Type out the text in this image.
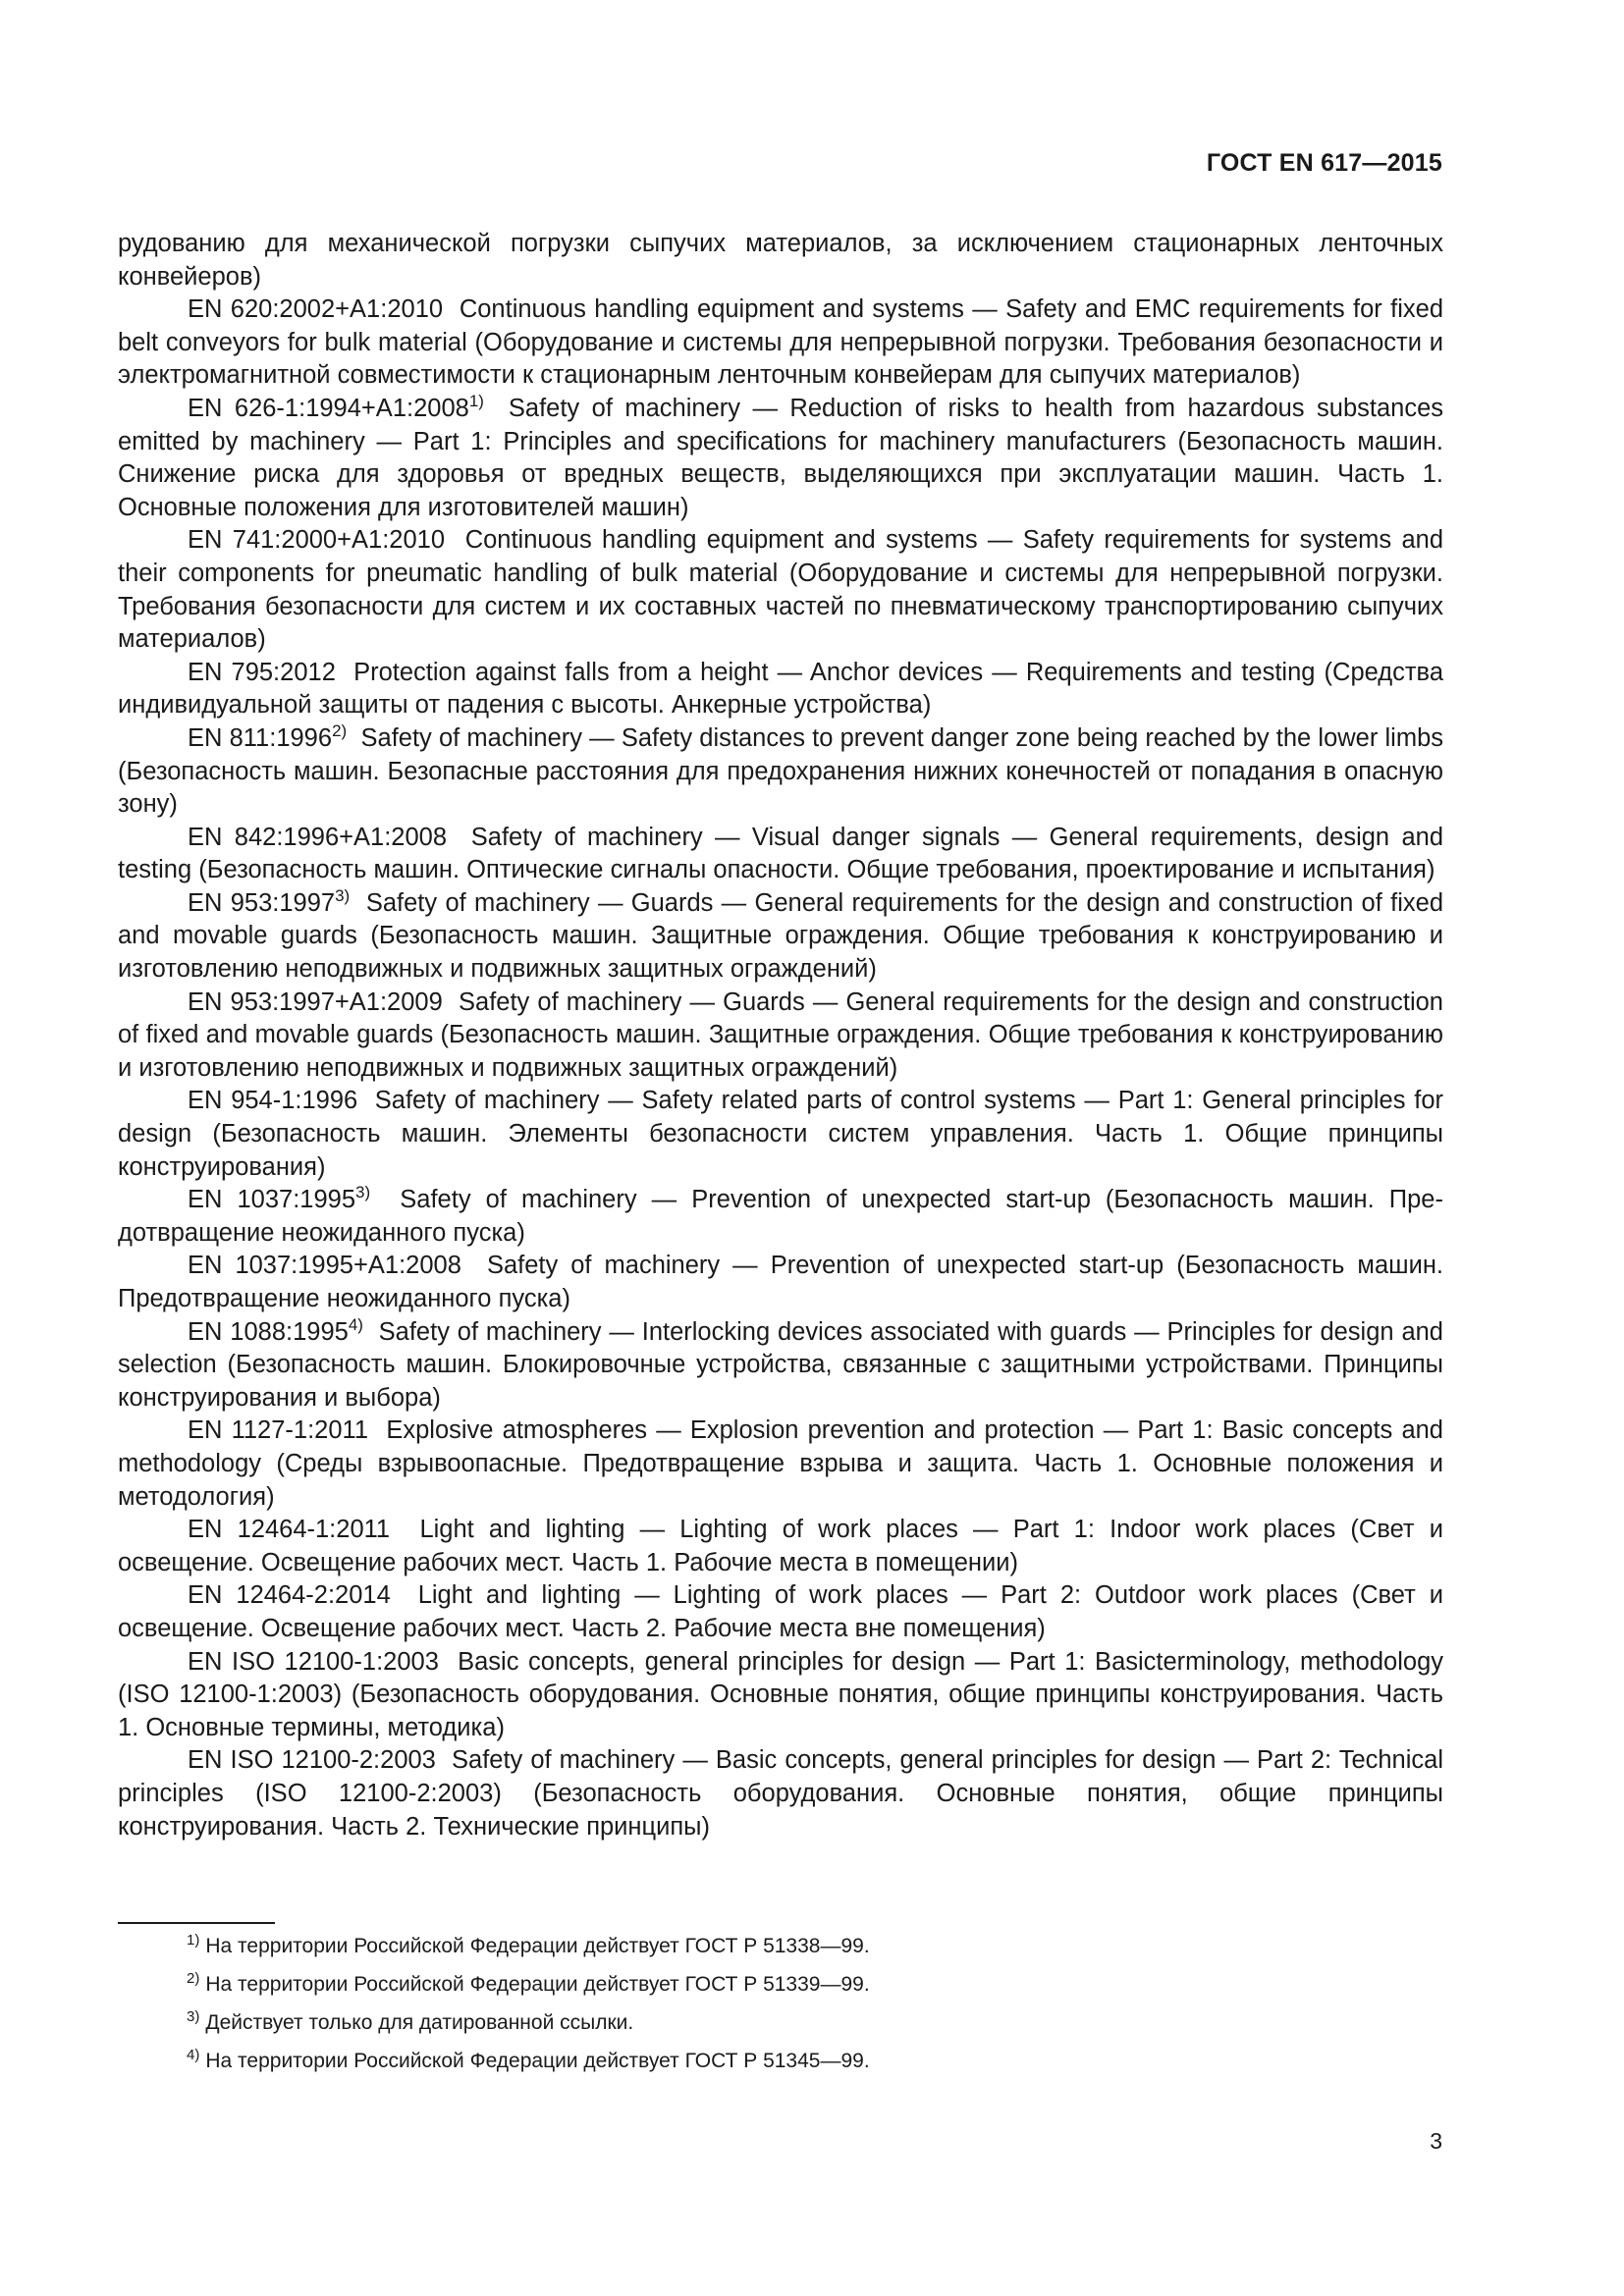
ГОСТ EN 617—2015

рудованию для механической погрузки сыпучих материалов, за исключением стационарных ленточных конвейеров)

EN 620:2002+A1:2010 Continuous handling equipment and systems — Safety and EMC requirements for fixed belt conveyors for bulk material (Оборудование и системы для непрерывной погрузки. Требования безопасности и электромагнитной совместимости к стационарным ленточным конвейерам для сыпучих материалов)

EN 626-1:1994+A1:2008$^{1)}$ Safety of machinery — Reduction of risks to health from hazardous substances emitted by machinery — Part 1: Principles and specifications for machinery manufacturers (Безопасность машин. Снижение риска для здоровья от вредных веществ, выделяющихся при эксплуатации машин. Часть 1. Основные положения для изготовителей машин)

EN 741:2000+A1:2010 Continuous handling equipment and systems — Safety requirements for systems and their components for pneumatic handling of bulk material (Оборудование и системы для непрерывной погрузки. Требования безопасности для систем и их составных частей по пневматическому транспортированию сыпучих материалов)

EN 795:2012 Protection against falls from a height — Anchor devices — Requirements and testing (Средства индивидуальной защиты от падения с высоты. Анкерные устройства)

EN 811:1996$^{2)}$ Safety of machinery — Safety distances to prevent danger zone being reached by the lower limbs (Безопасность машин. Безопасные расстояния для предохранения нижних конечностей от попадания в опасную зону)

EN 842:1996+A1:2008 Safety of machinery — Visual danger signals — General requirements, design and testing (Безопасность машин. Оптические сигналы опасности. Общие требования, проектирование и испытания)

EN 953:1997$^{3)}$ Safety of machinery — Guards — General requirements for the design and construction of fixed and movable guards (Безопасность машин. Защитные ограждения. Общие требования к конструированию и изготовлению неподвижных и подвижных защитных ограждений)

EN 953:1997+A1:2009 Safety of machinery — Guards — General requirements for the design and construction of fixed and movable guards (Безопасность машин. Защитные ограждения. Общие требования к конструированию и изготовлению неподвижных и подвижных защитных ограждений)

EN 954-1:1996 Safety of machinery — Safety related parts of control systems — Part 1: General principles for design (Безопасность машин. Элементы безопасности систем управления. Часть 1. Общие принципы конструирования)

EN 1037:1995$^{3)}$ Safety of machinery — Prevention of unexpected start-up (Безопасность машин. Предотвращение неожиданного пуска)

EN 1037:1995+A1:2008 Safety of machinery — Prevention of unexpected start-up (Безопасность машин. Предотвращение неожиданного пуска)

EN 1088:1995$^{4)}$ Safety of machinery — Interlocking devices associated with guards — Principles for design and selection (Безопасность машин. Блокировочные устройства, связанные с защитными устройствами. Принципы конструирования и выбора)

EN 1127-1:2011 Explosive atmospheres — Explosion prevention and protection — Part 1: Basic concepts and methodology (Среды взрывоопасные. Предотвращение взрыва и защита. Часть 1. Основные положения и методология)

EN 12464-1:2011 Light and lighting — Lighting of work places — Part 1: Indoor work places (Свет и освещение. Освещение рабочих мест. Часть 1. Рабочие места в помещении)

EN 12464-2:2014 Light and lighting — Lighting of work places — Part 2: Outdoor work places (Свет и освещение. Освещение рабочих мест. Часть 2. Рабочие места вне помещения)

EN ISO 12100-1:2003 Basic concepts, general principles for design — Part 1: Basicterminology, methodology (ISO 12100-1:2003) (Безопасность оборудования. Основные понятия, общие принципы конструирования. Часть 1. Основные термины, методика)

EN ISO 12100-2:2003 Safety of machinery — Basic concepts, general principles for design — Part 2: Technical principles (ISO 12100-2:2003) (Безопасность оборудования. Основные понятия, общие принципы конструирования. Часть 2. Технические принципы)

$^{1)}$ На территории Российской Федерации действует ГОСТ Р 51338—99.
$^{2)}$ На территории Российской Федерации действует ГОСТ Р 51339—99.
$^{3)}$ Действует только для датированной ссылки.
$^{4)}$ На территории Российской Федерации действует ГОСТ Р 51345—99.
3
